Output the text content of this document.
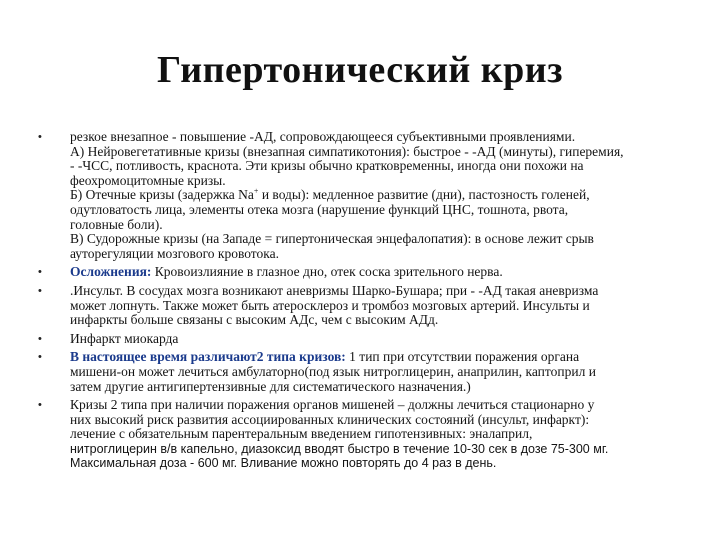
Гипертонический криз
• резкое внезапное - повышение -АД, сопровождающееся субъективными проявлениями.
А) Нейровегетативные кризы (внезапная симпатикотония): быстрое - -АД (минуты), гиперемия,
- -ЧСС, потливость, краснота. Эти кризы обычно кратковременны, иногда они похожи на
феохромоцитомные кризы.
Б) Отечные кризы (задержка Na+ и воды): медленное развитие (дни), пастозность голеней,
одутловатость лица, элементы отека мозга (нарушение функций ЦНС, тошнота, рвота,
головные боли).
В) Судорожные кризы (на Западе = гипертоническая энцефалопатия): в основе лежит срыв
ауторегуляции мозгового кровотока.
• Осложнения: Кровоизлияние в глазное дно, отек соска зрительного нерва.
• .Инсульт. В сосудах мозга возникают аневризмы Шарко-Бушара; при - -АД такая аневризма
может лопнуть. Также может быть атеросклероз и тромбоз мозговых артерий. Инсульты и
инфаркты больше связаны с высоким АДс, чем с высоким АДд.
• Инфаркт миокарда
• В настоящее время различают2 типа кризов: 1 тип при отсутствии поражения органа
мишени-он может лечиться амбулаторно(под язык нитроглицерин, анаприлин, каптоприл и
затем другие антигипертензивные для систематического назначения.)
• Кризы 2 типа при наличии поражения органов мишеней – должны лечиться стационарно у
них высокий риск развития ассоциированных клинических состояний (инсульт, инфаркт):
лечение с обязательным парентеральным введением гипотензивных: эналаприл,
нитроглицерин в/в капельно, диазоксид вводят быстро в течение 10-30 сек в дозе 75-300 мг.
Максимальная доза - 600 мг. Вливание можно повторять до 4 раз в день.
